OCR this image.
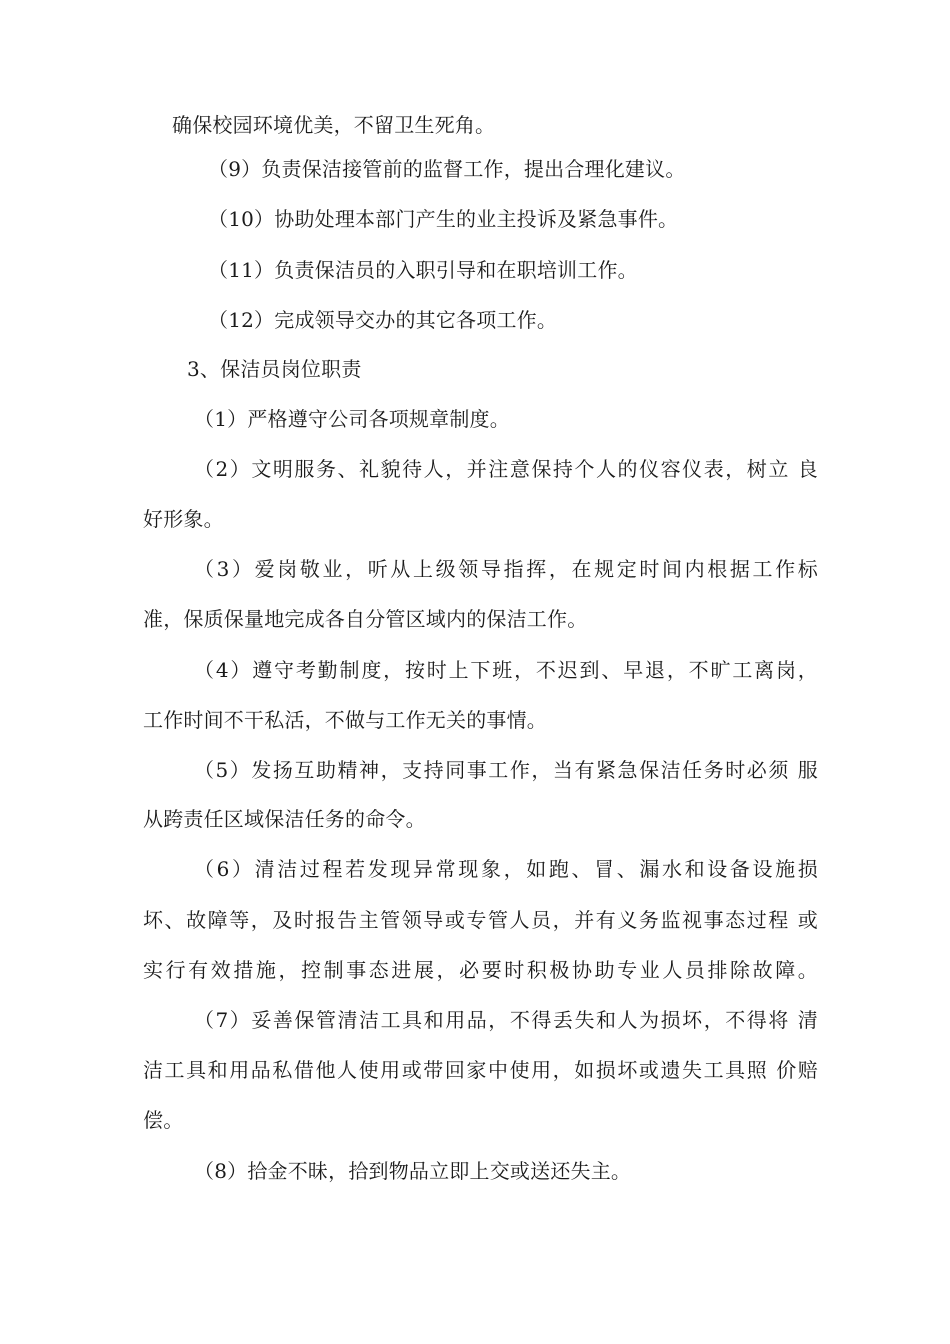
确保校园环境优美，不留卫生死角。
（9）负责保洁接管前的监督工作，提出合理化建议。
（10）协助处理本部门产生的业主投诉及紧急事件。
（11）负责保洁员的入职引导和在职培训工作。
（12）完成领导交办的其它各项工作。
3、保洁员岗位职责
（1）严格遵守公司各项规章制度。
（2）文明服务、礼貌待人，并注意保持个人的仪容仪表，树立 良
好形象。
（3）爱岗敬业，听从上级领导指挥，在规定时间内根据工作标
准，保质保量地完成各自分管区域内的保洁工作。
（4）遵守考勤制度，按时上下班，不迟到、早退，不旷工离岗，
工作时间不干私活，不做与工作无关的事情。
（5）发扬互助精神，支持同事工作，当有紧急保洁任务时必须 服
从跨责任区域保洁任务的命令。
（6）清洁过程若发现异常现象，如跑、冒、漏水和设备设施损
坏、故障等，及时报告主管领导或专管人员，并有义务监视事态过程 或
实行有效措施，控制事态进展，必要时积极协助专业人员排除故障。
（7）妥善保管清洁工具和用品，不得丢失和人为损坏，不得将 清
洁工具和用品私借他人使用或带回家中使用，如损坏或遗失工具照 价赔
偿。
（8）拾金不昧，拾到物品立即上交或送还失主。
